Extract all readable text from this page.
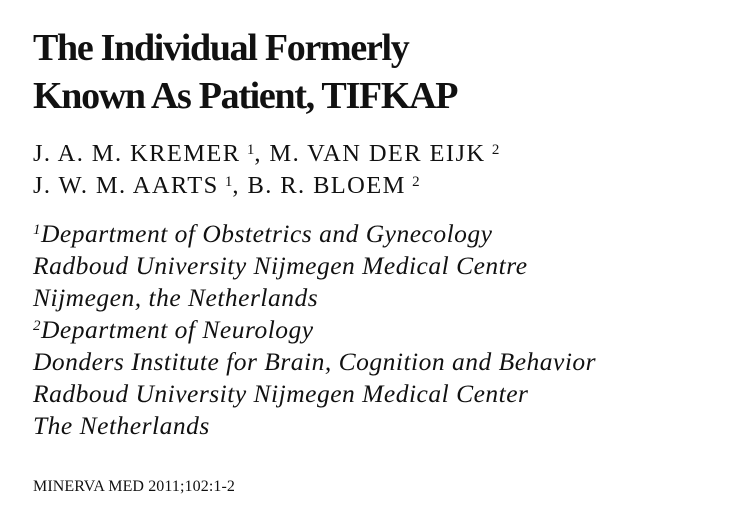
The Individual Formerly
Known As Patient, TIFKAP
J. A. M. KREMER  $^1$, M. VAN DER EIJK  $^2$
J. W. M. AARTS  $^1$, B. R. BLOEM  $^2$
$^1$Department of Obstetrics and Gynecology
Radboud University Nijmegen Medical Centre
Nijmegen, the Netherlands
$^2$Department of Neurology
Donders Institute for Brain, Cognition and Behavior
Radboud University Nijmegen Medical Center
The Netherlands
MINERVA MED 2011;102:1-2
